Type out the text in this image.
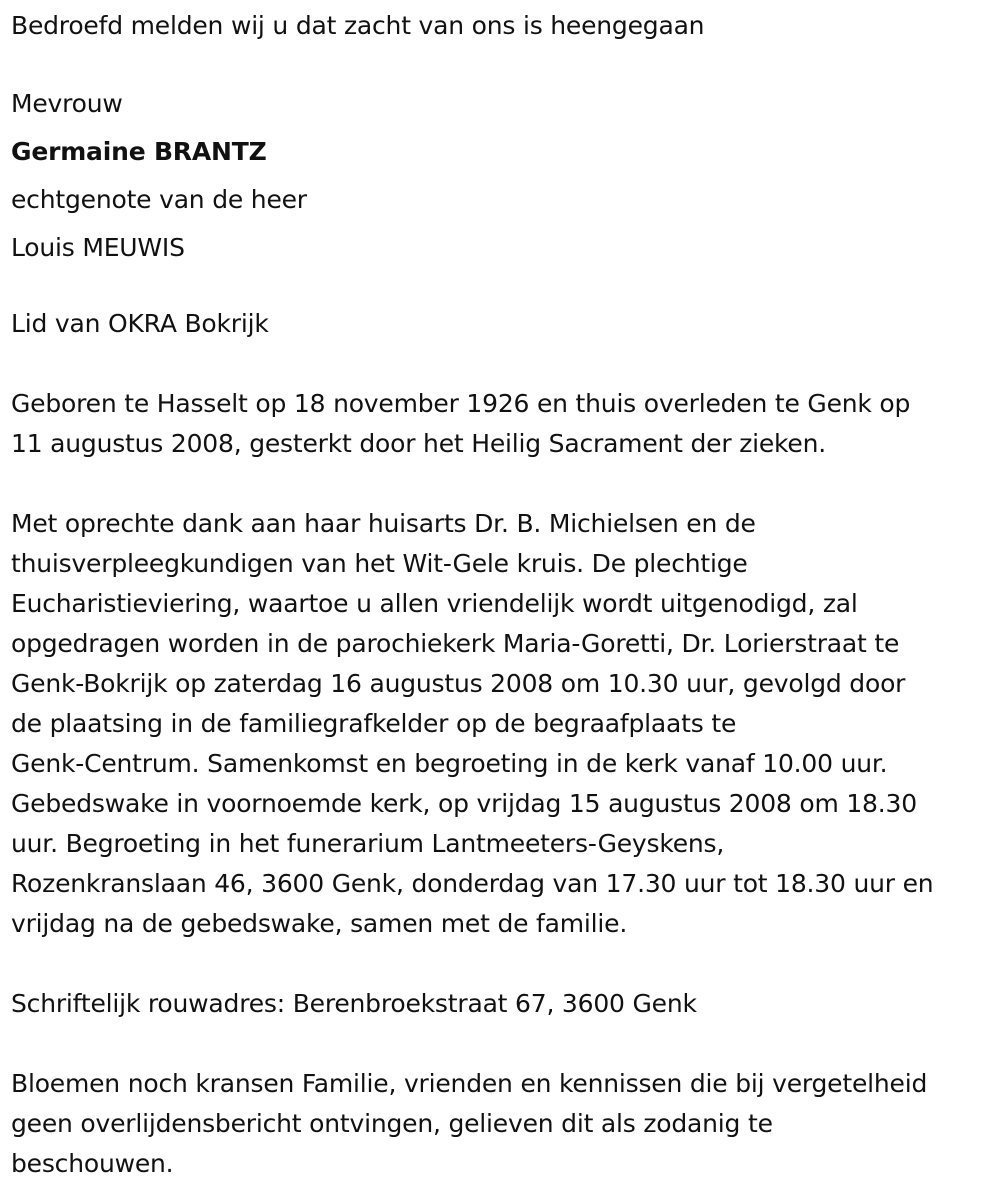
Bedroefd melden wij u dat zacht van ons is heengegaan
Mevrouw
Germaine BRANTZ
echtgenote van de heer
Louis MEUWIS
Lid van OKRA Bokrijk
Geboren te Hasselt op 18 november 1926 en thuis overleden te Genk op
11 augustus 2008, gesterkt door het Heilig Sacrament der zieken.
Met oprechte dank aan haar huisarts Dr. B. Michielsen en de
thuisverpleegkundigen van het Wit-Gele kruis. De plechtige
Eucharistieviering, waartoe u allen vriendelijk wordt uitgenodigd, zal
opgedragen worden in de parochiekerk Maria-Goretti, Dr. Lorierstraat te
Genk-Bokrijk op zaterdag 16 augustus 2008 om 10.30 uur, gevolgd door
de plaatsing in de familiegrafkelder op de begraafplaats te
Genk-Centrum. Samenkomst en begroeting in de kerk vanaf 10.00 uur.
Gebedswake in voornoemde kerk, op vrijdag 15 augustus 2008 om 18.30
uur. Begroeting in het funerarium Lantmeeters-Geyskens,
Rozenkranslaan 46, 3600 Genk, donderdag van 17.30 uur tot 18.30 uur en
vrijdag na de gebedswake, samen met de familie.
Schriftelijk rouwadres: Berenbroekstraat 67, 3600 Genk
Bloemen noch kransen Familie, vrienden en kennissen die bij vergetelheid
geen overlijdensbericht ontvingen, gelieven dit als zodanig te
beschouwen.
